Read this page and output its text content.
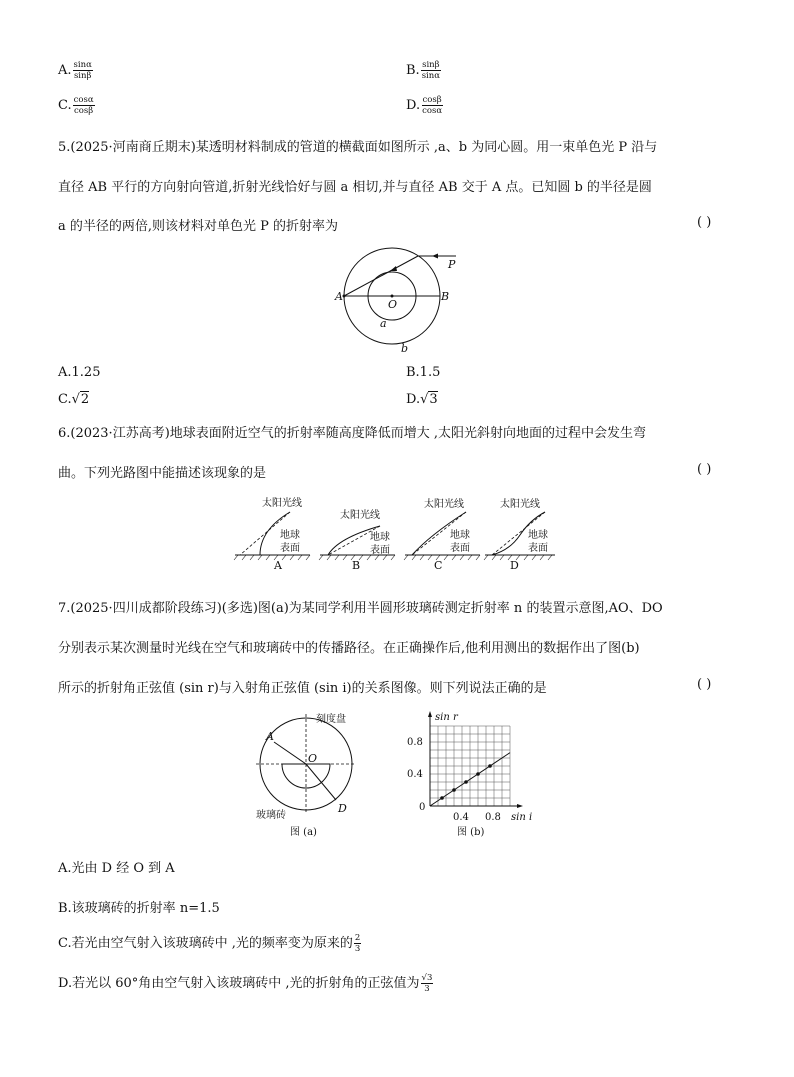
A. $\frac{\sin\alpha}{\sin\beta}$	B. $\frac{\sin\beta}{\sin\alpha}$
C. $\frac{\cos\alpha}{\cos\beta}$	D. $\frac{\cos\beta}{\cos\alpha}$
5.(2025·河南商丘期末)某透明材料制成的管道的横截面如图所示 ,a、b 为同心圆。用一束单色光 P 沿与
直径 AB 平行的方向射向管道,折射光线恰好与圆 a 相切,并与直径 AB 交于 A 点。已知圆 b 的半径是圆
a 的半径的两倍,则该材料对单色光 P 的折射率为	( )
P
A	B
O
a
b
A.1.25	B.1.5
C.√2	D.√3
6.(2023·江苏高考)地球表面附近空气的折射率随高度降低而增大 ,太阳光斜射向地面的过程中会发生弯
曲。下列光路图中能描述该现象的是	( )
太阳光线
地球
表面
A
太阳光线
地球
表面
B
太阳光线
地球
表面
C
太阳光线
地球
表面
D
7.(2025·四川成都阶段练习)(多选)图(a)为某同学利用半圆形玻璃砖测定折射率 n 的装置示意图,AO、DO
分别表示某次测量时光线在空气和玻璃砖中的传播路径。在正确操作后,他利用测出的数据作出了图(b)
所示的折射角正弦值 (sin r)与入射角正弦值 (sin i)的关系图像。则下列说法正确的是	( )
A
O
D
刻度盘
玻璃砖
图 (a)
sin r
sin i
0.8
0.4
0
0.4 0.8
图 (b)
A.光由 D 经 O 到 A
B.该玻璃砖的折射率 n=1.5
C.若光由空气射入该玻璃砖中 ,光的频率变为原来的 $\frac{2}{3}$
D.若光以 60°角由空气射入该玻璃砖中 ,光的折射角的正弦值为 $\frac{√3}{3}$
